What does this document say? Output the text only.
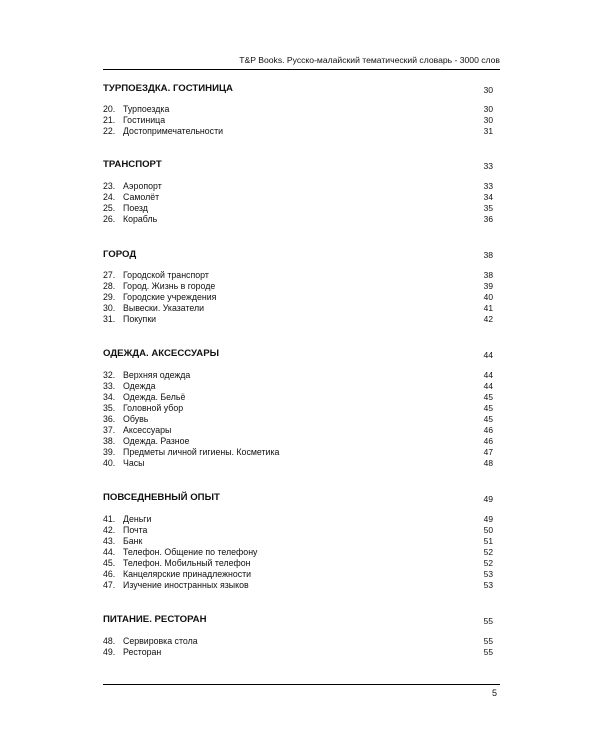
T&P Books. Русско-малайский тематический словарь - 3000 слов
ТУРПОЕЗДКА. ГОСТИНИЦА	30
20. Турпоездка	30
21. Гостиница	30
22. Достопримечательности	31
ТРАНСПОРТ	33
23. Аэропорт	33
24. Самолёт	34
25. Поезд	35
26. Корабль	36
ГОРОД	38
27. Городской транспорт	38
28. Город. Жизнь в городе	39
29. Городские учреждения	40
30. Вывески. Указатели	41
31. Покупки	42
ОДЕЖДА. АКСЕССУАРЫ	44
32. Верхняя одежда	44
33. Одежда	44
34. Одежда. Бельё	45
35. Головной убор	45
36. Обувь	45
37. Аксессуары	46
38. Одежда. Разное	46
39. Предметы личной гигиены. Косметика	47
40. Часы	48
ПОВСЕДНЕВНЫЙ ОПЫТ	49
41. Деньги	49
42. Почта	50
43. Банк	51
44. Телефон. Общение по телефону	52
45. Телефон. Мобильный телефон	52
46. Канцелярские принадлежности	53
47. Изучение иностранных языков	53
ПИТАНИЕ. РЕСТОРАН	55
48. Сервировка стола	55
49. Ресторан	55
5
